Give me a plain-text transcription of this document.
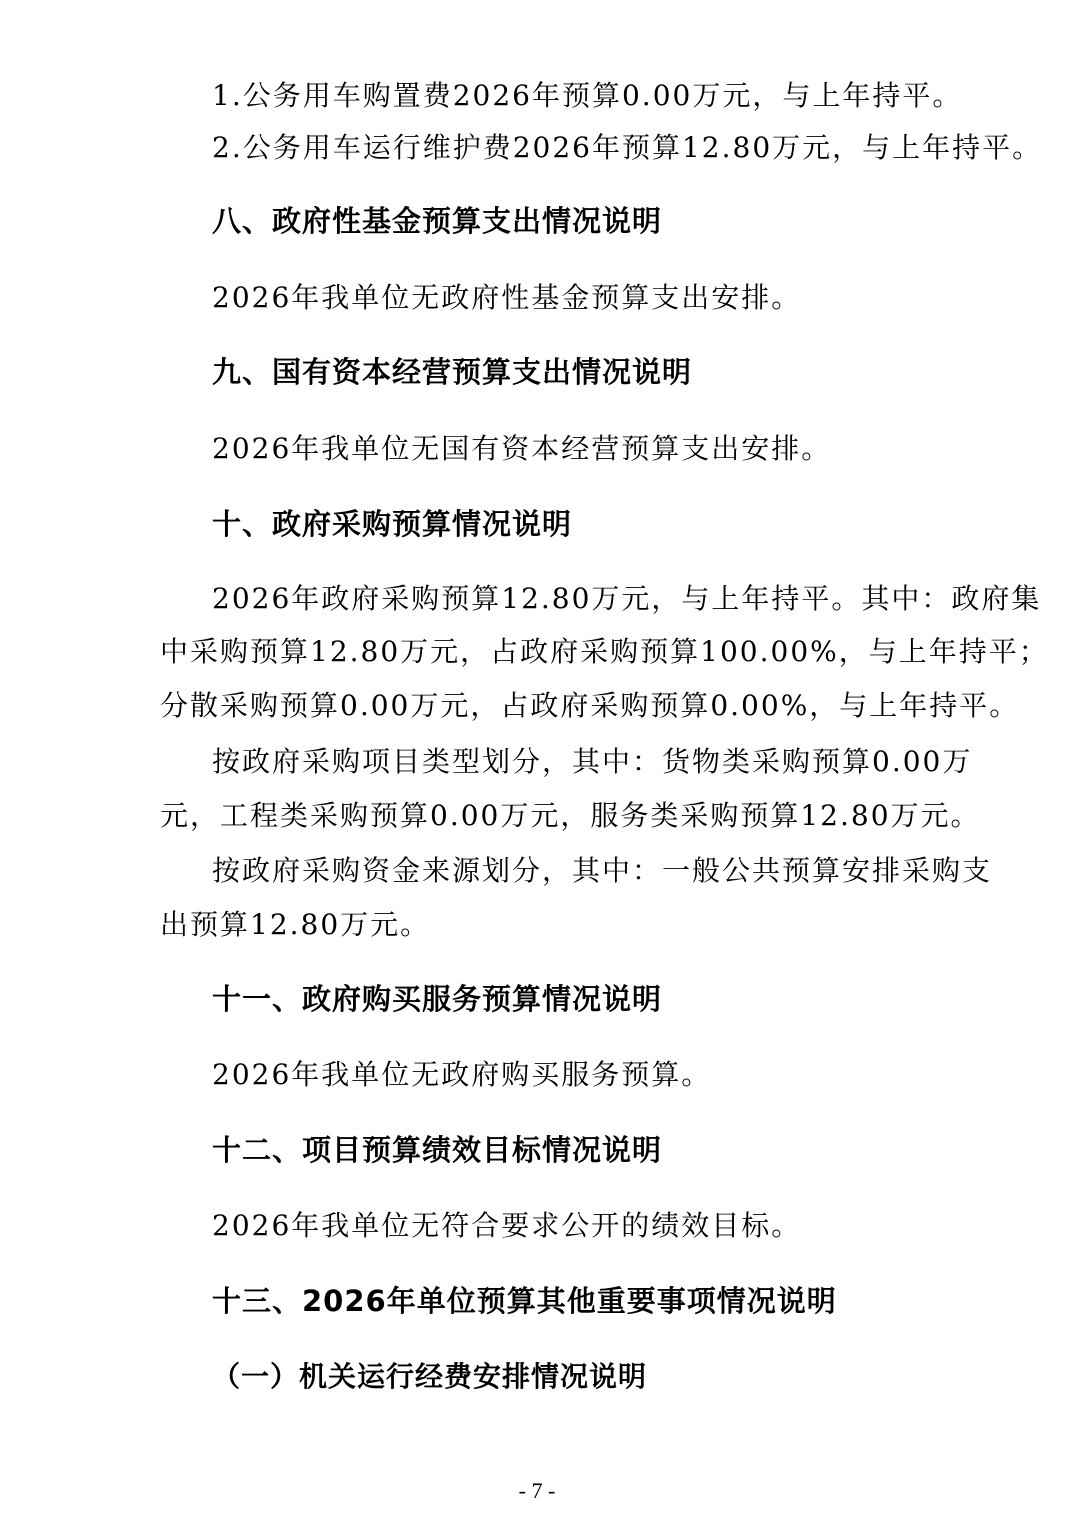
1.公务用车购置费2026年预算0.00万元，与上年持平。
2.公务用车运行维护费2026年预算12.80万元，与上年持平。
八、政府性基金预算支出情况说明
2026年我单位无政府性基金预算支出安排。
九、国有资本经营预算支出情况说明
2026年我单位无国有资本经营预算支出安排。
十、政府采购预算情况说明
2026年政府采购预算12.80万元，与上年持平。其中：政府集
中采购预算12.80万元，占政府采购预算100.00%，与上年持平；
分散采购预算0.00万元，占政府采购预算0.00%，与上年持平。
按政府采购项目类型划分，其中：货物类采购预算0.00万
元，工程类采购预算0.00万元，服务类采购预算12.80万元。
按政府采购资金来源划分，其中：一般公共预算安排采购支
出预算12.80万元。
十一、政府购买服务预算情况说明
2026年我单位无政府购买服务预算。
十二、项目预算绩效目标情况说明
2026年我单位无符合要求公开的绩效目标。
十三、2026年单位预算其他重要事项情况说明
（一）机关运行经费安排情况说明
- 7 -
